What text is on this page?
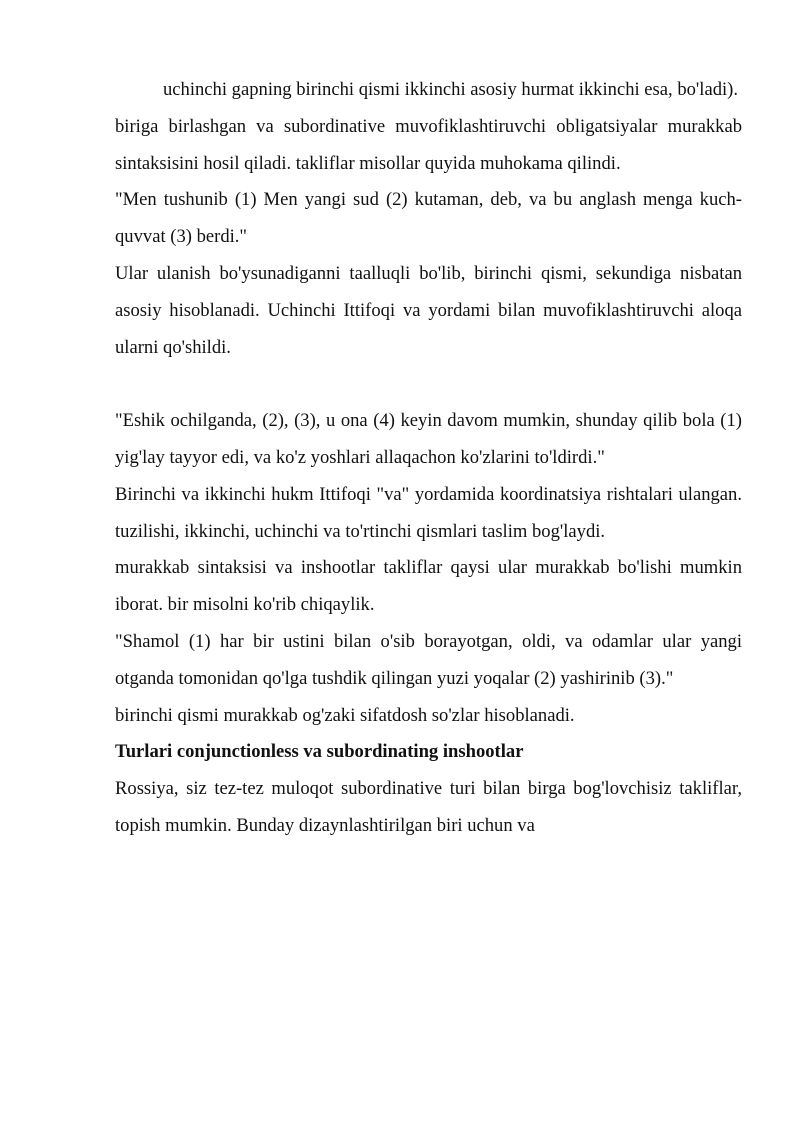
uchinchi gapning birinchi qismi ikkinchi asosiy hurmat ikkinchi esa, bo'ladi).

biriga birlashgan va subordinative muvofiklashtiruvchi obligatsiyalar murakkab sintaksisini hosil qiladi. takliflar misollar quyida muhokama qilindi.

"Men tushunib (1) Men yangi sud (2) kutaman, deb, va bu anglash menga kuch-quvvat (3) berdi."

Ular ulanish bo'ysunadiganni taalluqli bo'lib, birinchi qismi, sekundiga nisbatan asosiy hisoblanadi. Uchinchi Ittifoqi va yordami bilan muvofiklashtiruvchi aloqa ularni qo'shildi.

"Eshik ochilganda, (2), (3), u ona (4) keyin davom mumkin, shunday qilib bola (1) yig'lay tayyor edi, va ko'z yoshlari allaqachon ko'zlarini to'ldirdi."

Birinchi va ikkinchi hukm Ittifoqi "va" yordamida koordinatsiya rishtalari ulangan. tuzilishi, ikkinchi, uchinchi va to'rtinchi qismlari taslim bog'laydi.

murakkab sintaksisi va inshootlar takliflar qaysi ular murakkab bo'lishi mumkin iborat. bir misolni ko'rib chiqaylik.

"Shamol (1) har bir ustini bilan o'sib borayotgan, oldi, va odamlar ular yangi otganda tomonidan qo'lga tushdik qilingan yuzi yoqalar (2) yashirinib (3)."

birinchi qismi murakkab og'zaki sifatdosh so'zlar hisoblanadi.

Turlari conjunctionless va subordinating inshootlar

Rossiya, siz tez-tez muloqot subordinative turi bilan birga bog'lovchisiz takliflar, topish mumkin. Bunday dizaynlashtirilgan biri uchun va
